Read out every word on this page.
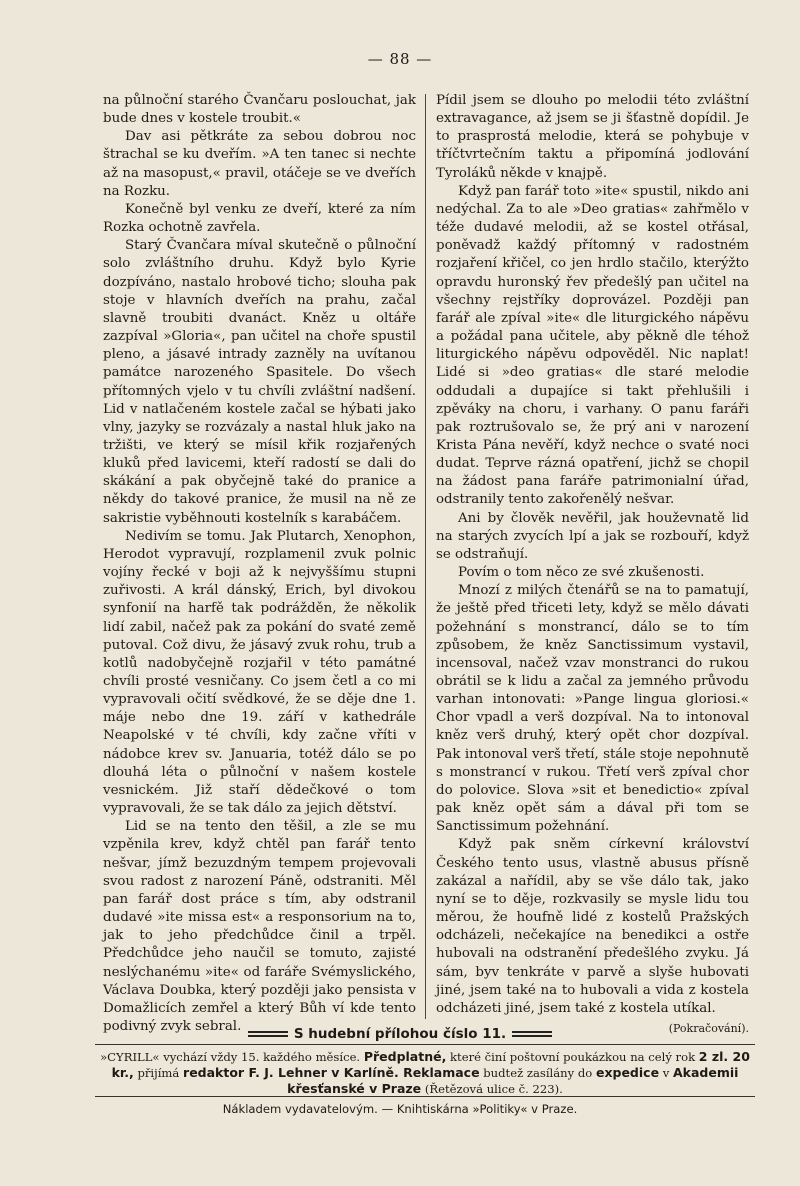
— 88 —

na půlnoční starého Čvančaru poslouchat, jak bude dnes v kostele troubit.«

Dav asi pětkráte za sebou dobrou noc štrachal se ku dveřím. »A ten tanec si nechte až na masopust,« pravil, otáčeje se ve dveřích na Rozku.

Konečně byl venku ze dveří, které za ním Rozka ochotně zavřela.

Starý Čvančara míval skutečně o půlnoční solo zvláštního druhu. Když bylo Kyrie dozpíváno, nastalo hrobové ticho; slouha pak stoje v hlavních dveřích na prahu, začal slavně troubiti dvanáct. Kněz u oltáře zazpíval »Gloria«, pan učitel na choře spustil pleno, a jásavé intrady zazněly na uvítanou památce narozeného Spasitele. Do všech přítomných vjelo v tu chvíli zvláštní nadšení. Lid v natlačeném kostele začal se hýbati jako vlny, jazyky se rozvázaly a nastal hluk jako na tržišti, ve který se mísil křik rozjařených kluků před lavicemi, kteří radostí se dali do skákání a pak obyčejně také do pranice a někdy do takové pranice, že musil na ně ze sakristie vyběhnouti kostelník s karabáčem.

Nedivím se tomu. Jak Plutarch, Xenophon, Herodot vypravují, rozplamenil zvuk polnic vojíny řecké v boji až k nejvyššímu stupni zuřivosti. A král dánský, Erich, byl divokou synfonií na harfě tak podrážděn, že několik lidí zabil, načež pak za pokání do svaté země putoval. Což divu, že jásavý zvuk rohu, trub a kotlů nadobyčejně rozjařil v této památné chvíli prosté vesničany. Co jsem četl a co mi vypravovali očití svědkové, že se děje dne 1. máje nebo dne 19. září v kathedrále Neapolské v té chvíli, kdy začne vříti v nádobce krev sv. Januaria, totéž dálo se po dlouhá léta o půlnoční v našem kostele vesnickém. Již staří dědečkové o tom vypravovali, že se tak dálo za jejich dětství.

Lid se na tento den těšil, a zle se mu vzpěnila krev, když chtěl pan farář tento nešvar, jímž bezuzdným tempem projevovali svou radost z narození Páně, odstraniti. Měl pan farář dost práce s tím, aby odstranil dudavé »ite missa est« a responsorium na to, jak to jeho předchůdce činil a trpěl. Předchůdce jeho naučil se tomuto, zajisté neslýchanému »ite« od faráře Svémyslického, Václava Doubka, který později jako pensista v Domažlicích zemřel a který Bůh ví kde tento podivný zvyk sebral.

Pídil jsem se dlouho po melodii této zvláštní extravagance, až jsem se ji šťastně dopídil. Je to prasprostá melodie, která se pohybuje v tříčtvrtečním taktu a připomíná jodlování Tyroláků někde v knajpě.

Když pan farář toto »ite« spustil, nikdo ani nedýchal. Za to ale »Deo gratias« zahřmělo v téže dudavé melodii, až se kostel otřásal, poněvadž každý přítomný v radostném rozjaření křičel, co jen hrdlo stačilo, kterýžto opravdu huronský řev předešlý pan učitel na všechny rejstříky doprovázel. Později pan farář ale zpíval »ite« dle liturgického nápěvu a požádal pana učitele, aby pěkně dle téhož liturgického nápěvu odpověděl. Nic naplat! Lidé si »deo gratias« dle staré melodie oddudali a dupajíce si takt přehlušili i zpěváky na choru, i varhany. O panu faráři pak roztrušovalo se, že prý ani v narození Krista Pána nevěří, když nechce o svaté noci dudat. Teprve rázná opatření, jichž se chopil na žádost pana faráře patrimonialní úřad, odstranily tento zakořenělý nešvar.

Ani by člověk nevěřil, jak houževnatě lid na starých zvycích lpí a jak se rozbouří, když se odstraňují.

Povím o tom něco ze své zkušenosti.

Mnozí z milých čtenářů se na to pamatují, že ještě před třiceti lety, když se mělo dávati požehnání s monstrancí, dálo se to tím způsobem, že kněz Sanctissimum vystavil, incensoval, načež vzav monstranci do rukou obrátil se k lidu a začal za jemného průvodu varhan intonovati: »Pange lingua gloriosi.« Chor vpadl a verš dozpíval. Na to intonoval kněz verš druhý, který opět chor dozpíval. Pak intonoval verš třetí, stále stoje nepohnutě s monstrancí v rukou. Třetí verš zpíval chor do polovice. Slova »sit et benedictio« zpíval pak kněz opět sám a dával při tom se Sanctissimum požehnání.

Když pak sněm církevní království Českého tento usus, vlastně abusus přísně zakázal a nařídil, aby se vše dálo tak, jako nyní se to děje, rozkvasily se mysle lidu tou měrou, že houfně lidé z kostelů Pražských odcházeli, nečekajíce na benedikci a ostře hubovali na odstranění předešlého zvyku. Já sám, byv tenkráte v parvě a slyše hubovati jiné, jsem také na to hubovali a vida z kostela odcházeti jiné, jsem také z kostela utíkal.
(Pokračování).

S hudební přílohou číslo 11.
»CYRILL« vychází vždy 15. každého měsíce. Předplatné, které činí poštovní poukázkou na celý rok 2 zl. 20 kr., přijímá redaktor F. J. Lehner v Karlíně. Reklamace budtež zasílány do expedice v Akademii křesťanské v Praze (Řetězová ulice č. 223).
Nákladem vydavatelovým. — Knihtiskárna »Politiky« v Praze.
